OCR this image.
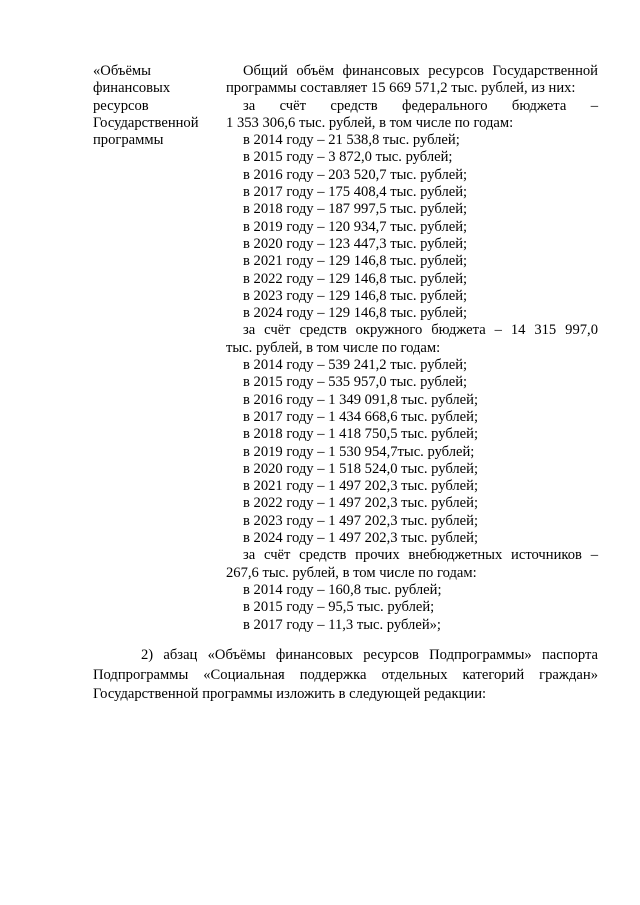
«Объёмы
финансовых
ресурсов
Государственной
программы
Общий объём финансовых ресурсов Государственной
программы составляет 15 669 571,2 тыс. рублей, из них:
за счёт средств федерального бюджета –
1 353 306,6 тыс. рублей, в том числе по годам:
в 2014 году – 21 538,8 тыс. рублей;
в 2015 году – 3 872,0 тыс. рублей;
в 2016 году – 203 520,7 тыс. рублей;
в 2017 году – 175 408,4 тыс. рублей;
в 2018 году – 187 997,5 тыс. рублей;
в 2019 году – 120 934,7 тыс. рублей;
в 2020 году – 123 447,3 тыс. рублей;
в 2021 году – 129 146,8 тыс. рублей;
в 2022 году – 129 146,8 тыс. рублей;
в 2023 году – 129 146,8 тыс. рублей;
в 2024 году – 129 146,8 тыс. рублей;
за счёт средств окружного бюджета – 14 315 997,0
тыс. рублей, в том числе по годам:
в 2014 году – 539 241,2 тыс. рублей;
в 2015 году – 535 957,0 тыс. рублей;
в 2016 году – 1 349 091,8 тыс. рублей;
в 2017 году – 1 434 668,6 тыс. рублей;
в 2018 году – 1 418 750,5 тыс. рублей;
в 2019 году – 1 530 954,7тыс. рублей;
в 2020 году – 1 518 524,0 тыс. рублей;
в 2021 году – 1 497 202,3 тыс. рублей;
в 2022 году – 1 497 202,3 тыс. рублей;
в 2023 году – 1 497 202,3 тыс. рублей;
в 2024 году – 1 497 202,3 тыс. рублей;
за счёт средств прочих внебюджетных источников –
267,6 тыс. рублей, в том числе по годам:
в 2014 году – 160,8 тыс. рублей;
в 2015 году – 95,5 тыс. рублей;
в 2017 году – 11,3 тыс. рублей»;
2) абзац «Объёмы финансовых ресурсов Подпрограммы» паспорта
Подпрограммы «Социальная поддержка отдельных категорий граждан»
Государственной программы изложить в следующей редакции:
